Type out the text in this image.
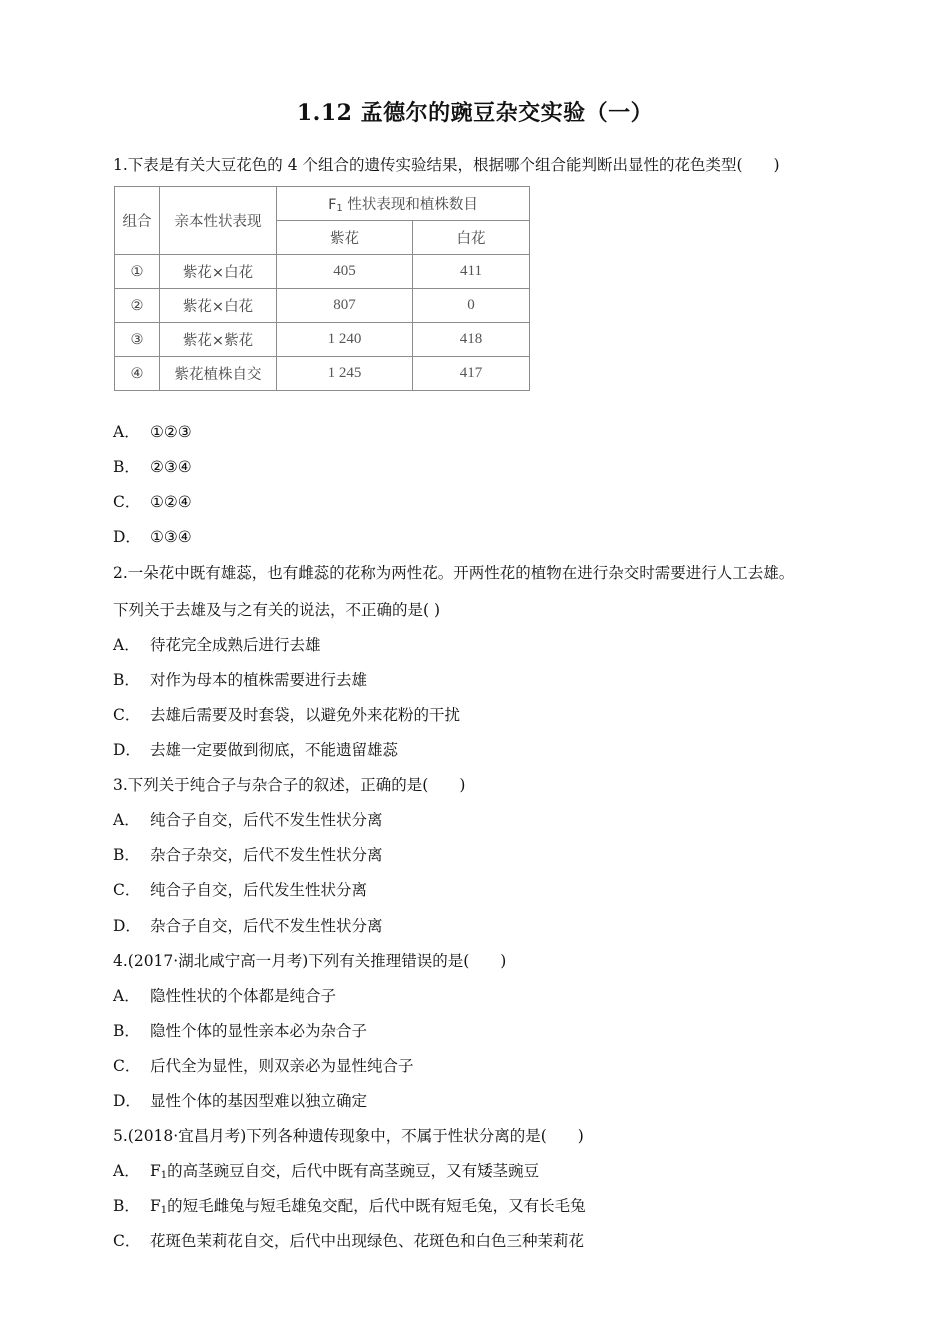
1.12 孟德尔的豌豆杂交实验（一）
1.下表是有关大豆花色的 4 个组合的遗传实验结果，根据哪个组合能判断出显性的花色类型(　　)
组合	亲本性状表现	$F_1$ 性状表现和植株数目	
		紫花	白花
①	紫花×白花	405	411
②	紫花×白花	807	0
③	紫花×紫花	1 240	418
④	紫花植株自交	1 245	417
A． ①②③
B． ②③④
C． ①②④
D． ①③④
2.一朵花中既有雄蕊，也有雌蕊的花称为两性花。开两性花的植物在进行杂交时需要进行人工去雄。
下列关于去雄及与之有关的说法，不正确的是( )
A． 待花完全成熟后进行去雄
B． 对作为母本的植株需要进行去雄
C． 去雄后需要及时套袋，以避免外来花粉的干扰
D． 去雄一定要做到彻底，不能遗留雄蕊
3.下列关于纯合子与杂合子的叙述，正确的是(　　)
A． 纯合子自交，后代不发生性状分离
B． 杂合子杂交，后代不发生性状分离
C． 纯合子自交，后代发生性状分离
D． 杂合子自交，后代不发生性状分离
4.(2017·湖北咸宁高一月考)下列有关推理错误的是(　　)
A． 隐性性状的个体都是纯合子
B． 隐性个体的显性亲本必为杂合子
C． 后代全为显性，则双亲必为显性纯合子
D． 显性个体的基因型难以独立确定
5.(2018·宜昌月考)下列各种遗传现象中，不属于性状分离的是(　　)
A． $F_1$的高茎豌豆自交，后代中既有高茎豌豆，又有矮茎豌豆
B． $F_1$的短毛雌兔与短毛雄兔交配，后代中既有短毛兔，又有长毛兔
C． 花斑色茉莉花自交，后代中出现绿色、花斑色和白色三种茉莉花
